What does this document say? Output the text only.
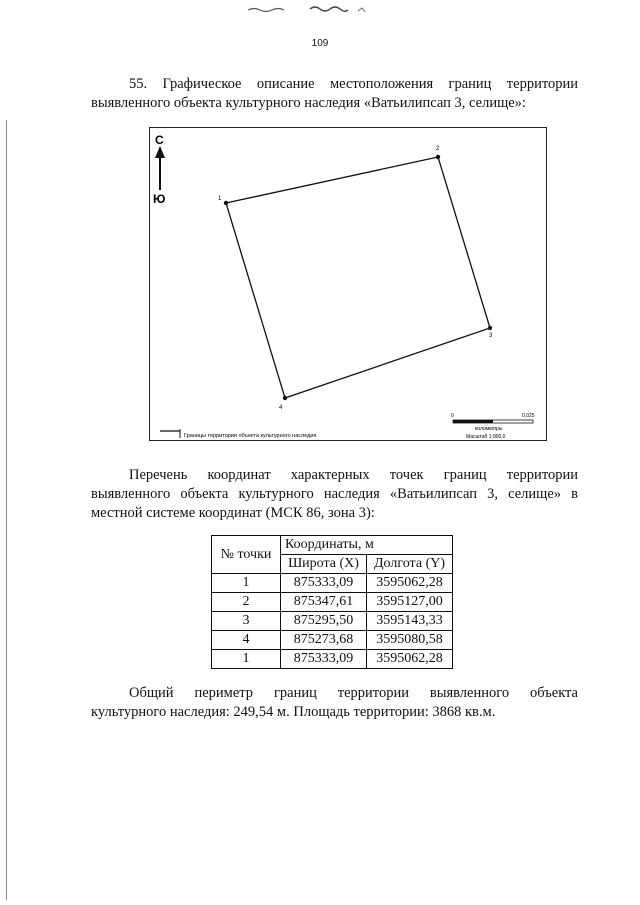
109
55. Графическое описание местоположения границ территории
выявленного объекта культурного наследия «Ватьилипсап 3, селище»:
С
Ю	1
2
3
4
Границы территории объекта культурного наследия
0	0,025
километры
Масштаб 1:900,0
Перечень координат характерных точек границ территории
выявленного объекта культурного наследия «Ватьилипсап 3, селище» в
местной системе координат (МСК 86, зона 3):
№ точки	Координаты, м	
	Широта (X)	Долгота (Y)
1	875333,09	3595062,28
2	875347,61	3595127,00
3	875295,50	3595143,33
4	875273,68	3595080,58
1	875333,09	3595062,28
Общий периметр границ территории выявленного объекта
культурного наследия: 249,54 м. Площадь территории: 3868 кв.м.
